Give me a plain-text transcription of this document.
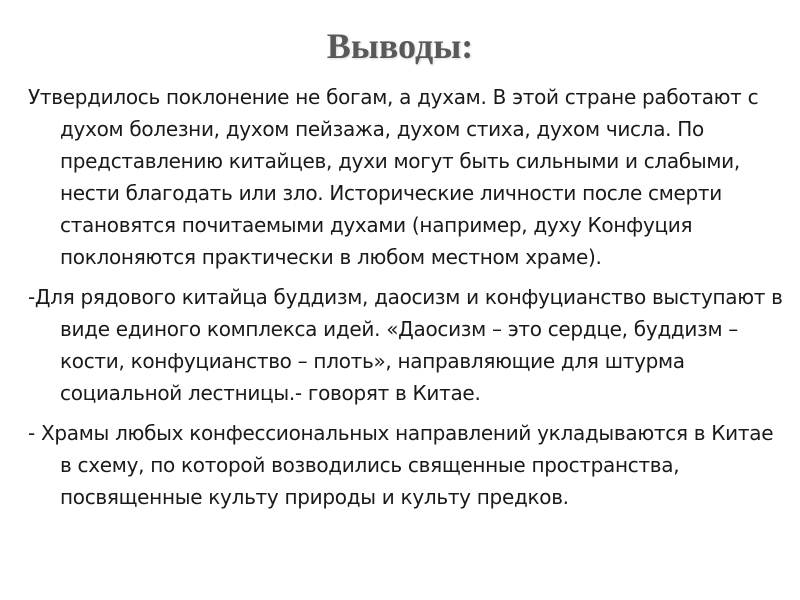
Выводы:

Утвердилось поклонение не богам, а духам. В этой стране работают с духом болезни, духом пейзажа, духом стиха, духом числа. По представлению китайцев, духи могут быть сильными и слабыми, нести благодать или зло. Исторические личности после смерти становятся почитаемыми духами (например, духу Конфуция поклоняются практически в любом местном храме).

-Для рядового китайца буддизм, даосизм и конфуцианство выступают в виде единого комплекса идей. «Даосизм – это сердце, буддизм – кости, конфуцианство – плоть», направляющие для штурма социальной лестницы.- говорят в Китае.

- Храмы любых конфессиональных направлений укладываются в Китае в схему, по которой возводились священные пространства, посвященные культу природы и культу предков.
